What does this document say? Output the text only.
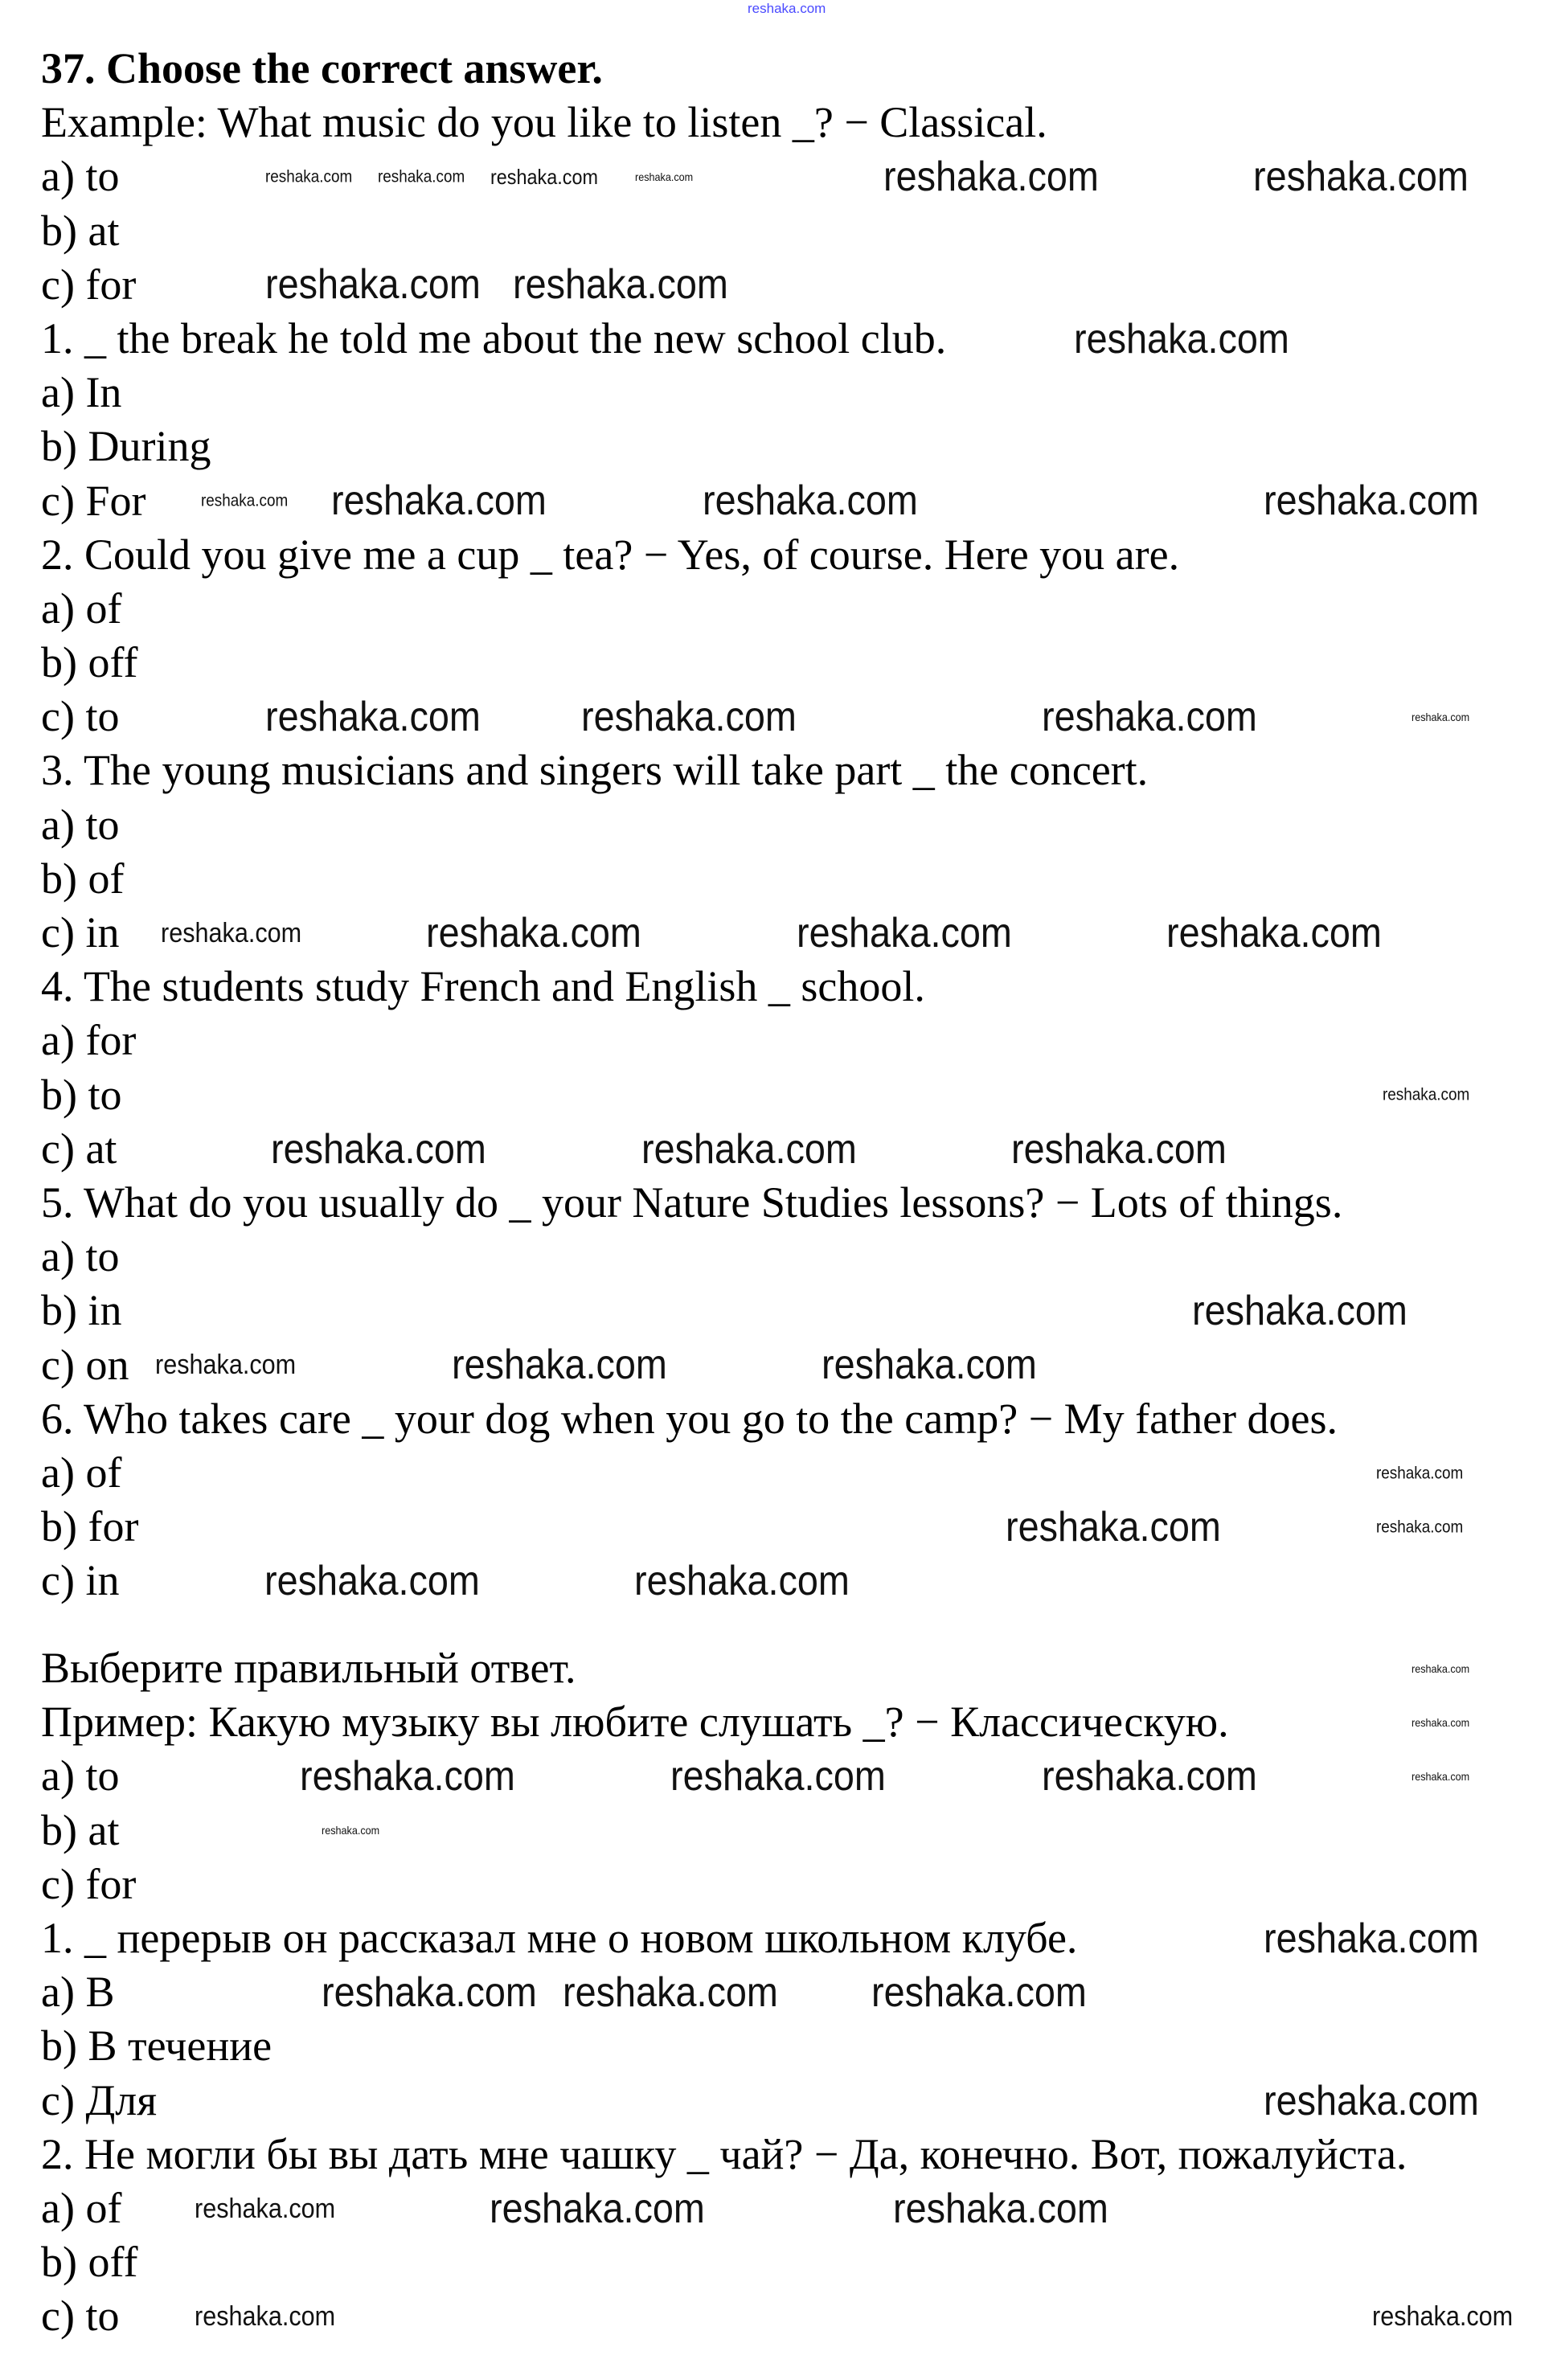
reshaka.com
37. Choose the correct answer.
Example: What music do you like to listen _? − Classical.
a) to
b) at
c) for
1. _ the break he told me about the new school club.
a) In
b) During
c) For
2. Could you give me a cup _ tea? − Yes, of course. Here you are.
a) of
b) off
c) to
3. The young musicians and singers will take part _ the concert.
a) to
b) of
c) in
4. The students study French and English _ school.
a) for
b) to
c) at
5. What do you usually do _ your Nature Studies lessons? − Lots of things.
a) to
b) in
c) on
6. Who takes care _ your dog when you go to the camp? − My father does.
a) of
b) for
c) in
Выберите правильный ответ.
Пример: Какую музыку вы любите слушать _? − Классическую.
a) to
b) at
c) for
1. _ перерыв он рассказал мне о новом школьном клубе.
a) В
b) В течение
c) Для
2. Не могли бы вы дать мне чашку _ чай? − Да, конечно. Вот, пожалуйста.
a) of
b) off
c) to
reshaka.com reshaka.com reshaka.com	reshaka.com	reshaka.com	reshaka.com
reshaka.com reshaka.com
reshaka.com
reshaka.com reshaka.com	reshaka.com	reshaka.com
reshaka.com reshaka.com	reshaka.com	reshaka.com
reshaka.com	reshaka.com	reshaka.com	reshaka.com
reshaka.com
reshaka.com	reshaka.com	reshaka.com
reshaka.com
reshaka.com	reshaka.com	reshaka.com
reshaka.com
reshaka.com	reshaka.com
reshaka.com	reshaka.com
reshaka.com
reshaka.com
reshaka.com	reshaka.com	reshaka.com	reshaka.com
reshaka.com
reshaka.com
reshaka.com reshaka.com reshaka.com
reshaka.com
reshaka.com	reshaka.com	reshaka.com
reshaka.com	reshaka.com
